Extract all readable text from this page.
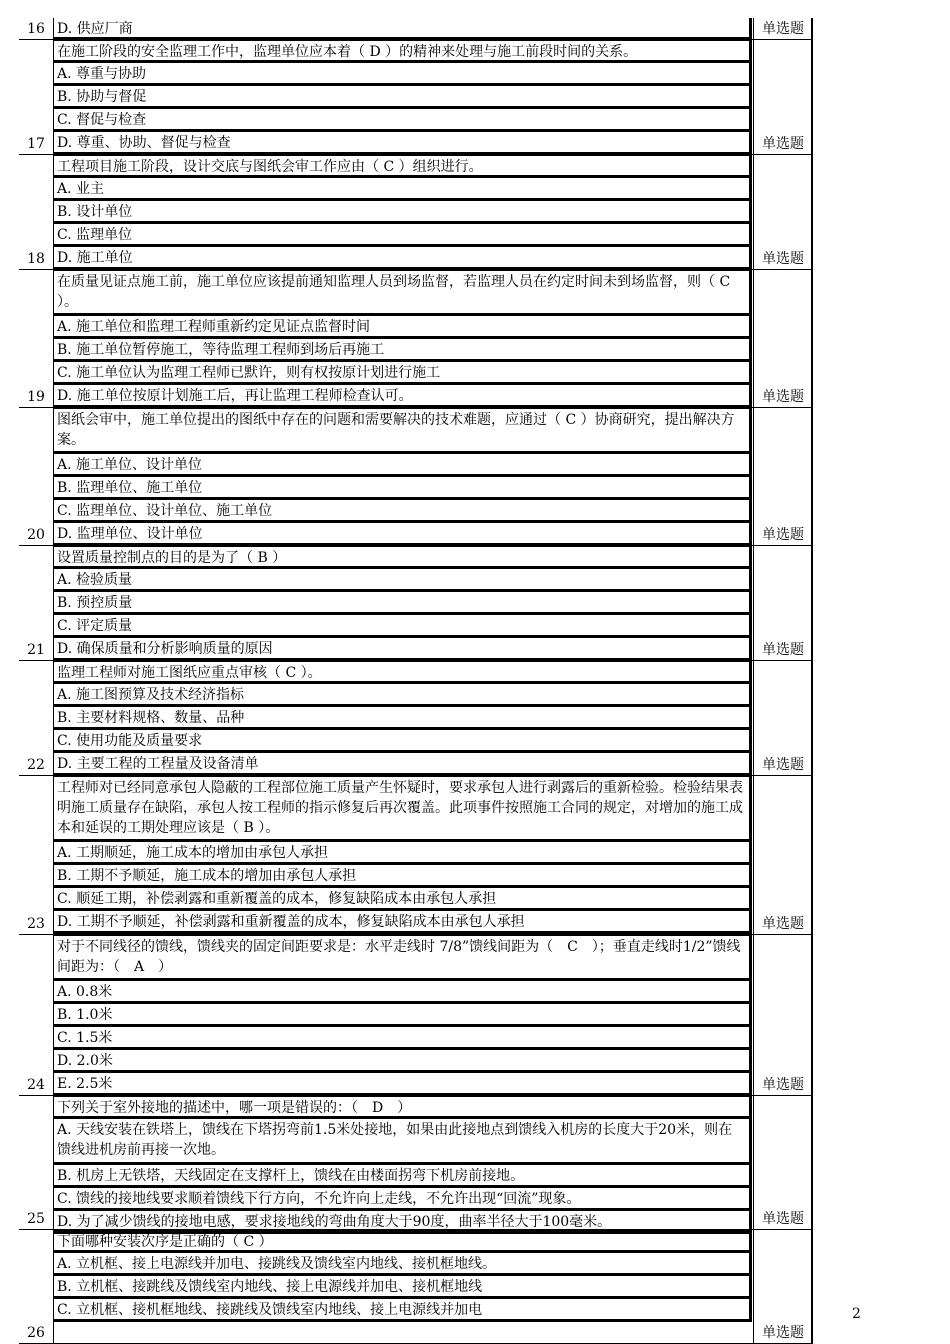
D. 供应厂商
16	单选题
在施工阶段的安全监理工作中，监理单位应本着（ D ）的精神来处理与施工前段时间的关系。
A. 尊重与协助
B. 协助与督促
C. 督促与检查
D. 尊重、协助、督促与检查
17	单选题
工程项目施工阶段，设计交底与图纸会审工作应由（ C ）组织进行。
A. 业主
B. 设计单位
C. 监理单位
D. 施工单位
18	单选题
在质量见证点施工前，施工单位应该提前通知监理人员到场监督，若监理人员在约定时间未到场监督，则（ C ）。
A. 施工单位和监理工程师重新约定见证点监督时间
B. 施工单位暂停施工，等待监理工程师到场后再施工
C. 施工单位认为监理工程师已默许，则有权按原计划进行施工
D. 施工单位按原计划施工后，再让监理工程师检查认可。
19	单选题
图纸会审中，施工单位提出的图纸中存在的问题和需要解决的技术难题，应通过（ C ）协商研究，提出解决方案。
A. 施工单位、设计单位
B. 监理单位、施工单位
C. 监理单位、设计单位、施工单位
D. 监理单位、设计单位
20	单选题
设置质量控制点的目的是为了（ B ）
A. 检验质量
B. 预控质量
C. 评定质量
D. 确保质量和分析影响质量的原因
21	单选题
监理工程师对施工图纸应重点审核（ C ）。
A. 施工图预算及技术经济指标
B. 主要材料规格、数量、品种
C. 使用功能及质量要求
D. 主要工程的工程量及设备清单
22	单选题
工程师对已经同意承包人隐蔽的工程部位施工质量产生怀疑时，要求承包人进行剥露后的重新检验。检验结果表明施工质量存在缺陷，承包人按工程师的指示修复后再次覆盖。此项事件按照施工合同的规定，对增加的施工成本和延误的工期处理应该是（ B ）。
A. 工期顺延，施工成本的增加由承包人承担
B. 工期不予顺延，施工成本的增加由承包人承担
C. 顺延工期，补偿剥露和重新覆盖的成本，修复缺陷成本由承包人承担
D. 工期不予顺延，补偿剥露和重新覆盖的成本，修复缺陷成本由承包人承担
23	单选题
对于不同线径的馈线，馈线夹的固定间距要求是：水平走线时 7/8”馈线间距为（　C　）；垂直走线时1/2”馈线间距为：（　A　）
A. 0.8米
B. 1.0米
C. 1.5米
D. 2.0米
E. 2.5米
24	单选题
下列关于室外接地的描述中，哪一项是错误的：（　D　）
A. 天线安装在铁塔上，馈线在下塔拐弯前1.5米处接地，如果由此接地点到馈线入机房的长度大于20米，则在馈线进机房前再接一次地。
B. 机房上无铁塔，天线固定在支撑杆上，馈线在由楼面拐弯下机房前接地。
C. 馈线的接地线要求顺着馈线下行方向，不允许向上走线，不允许出现“回流”现象。
D. 为了减少馈线的接地电感，要求接地线的弯曲角度大于90度，曲率半径大于100毫米。
25	单选题
下面哪种安装次序是正确的（ C ）
A. 立机框、接上电源线并加电、接跳线及馈线室内地线、接机框地线。
B. 立机框、接跳线及馈线室内地线、接上电源线并加电、接机框地线
C. 立机框、接机框地线、接跳线及馈线室内地线、接上电源线并加电
26	单选题
2
